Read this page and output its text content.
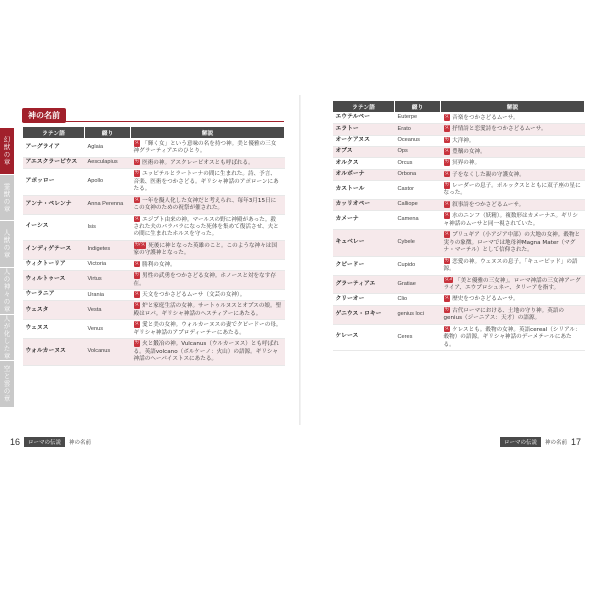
幻獣の章
霊獣の章
人獣の章
人の神々の章
人が化した章
空と雲の章
神の名前
ラテン語	綴り	解説
アーグライア	Aglaia	女 「輝く女」という意味の名を持つ神。美と優雅の三女神グラーティアエのひとり。
アエスクラーピウス	Aesculapius	男 医術の神。アスクレーピオスとも呼ばれる。
アポッロー	Apollo	男 ユッピテルとラートーナの間に生まれた。詩、予言、音楽、医術をつかさどる。ギリシャ神話のアポローンにあたる。
アンナ・ペレンナ	Anna Perenna	女 一年を擬人化した女神だと考えられ、毎年3月15日にこの女神のための祝祭が催された。
イーシス	Isis	女 エジプト由来の神。マールスの野に神殿があった。殺された夫のバラバラになった死体を集めて復活させ、夫との間に生まれたホルスを守った。
インディゲテース	Indigetes	男/女 死後に神となった英雄のこと。このような神々は国家の守護神となった。
ウィクトーリア	Victoria	女 勝利の女神。
ウィルトゥース	Virtus	男 男性の武勇をつかさどる女神。ホノースと対をなす存在。
ウーラニア	Urania	女 天文をつかさどるムーサ（文芸の女神）。
ウェスタ	Vesta	女 炉と家庭生活の女神。サートゥルヌスとオプスの娘。聖殿はロパ。ギリシャ神話のヘスティアーにあたる。
ウェヌス	Venus	女 愛と美の女神。ウォルカーヌスの妻でクピードーの母。ギリシャ神話のアプロディーテーにあたる。
ウォルカーヌス	Volcanus	男 火と鍛冶の神。Vulcanus（ウルカーヌス）とも呼ばれる。英語volcano（ボルケーノ：火山）の語源。ギリシャ神話のヘーパイストスにあたる。
16	ローマの伝説	神の名前
ラテン語	綴り	解説
エウテルペー	Euterpe	女 音楽をつかさどるムーサ。
エラトー	Erato	女 抒情詩と恋愛詩をつかさどるムーサ。
オーケアヌス	Oceanus	男 大洋神。
オプス	Ops	女 豊穣の女神。
オルクス	Orcus	男 冥界の神。
オルボーナ	Orbona	女 子をなくした親の守護女神。
カストール	Castor	男 レーダーの息子。ポルックスとともに双子座の星になった。
カッリオペー	Calliope	女 叙事詩をつかさどるムーサ。
カメーナ	Camena	女 水のニンフ（妖精）。複数形はカメーナエ。ギリシャ神話のムーサと同一視されていた。
キュベレー	Cybele	女 プリュギア（小アジア中部）の大地の女神。穀物と実りの象徴。ローマでは地母神Magna Mater（マグナ・マーテル）として信仰された。
クピードー	Cupido	男 恋愛の神。ウェヌスの息子。「キューピッド」の語源。
グラーティアエ	Gratiae	女3 「美と優雅の三女神」。ローマ神話の三女神アーグライア、エウプロシュネー、タリーアを指す。
クリーオー	Clio	女 歴史をつかさどるムーサ。
ゲニウス・ロキー	genius loci	男 古代ローマにおける、土地の守り神。英語のgenius（ジーニアス：天才）の語源。
ケレース	Ceres	女 ケレスとも。穀物の女神。英語cereal（シリアル：穀物）の語源。ギリシャ神話のデーメテールにあたる。
ローマの伝説	神の名前 17
